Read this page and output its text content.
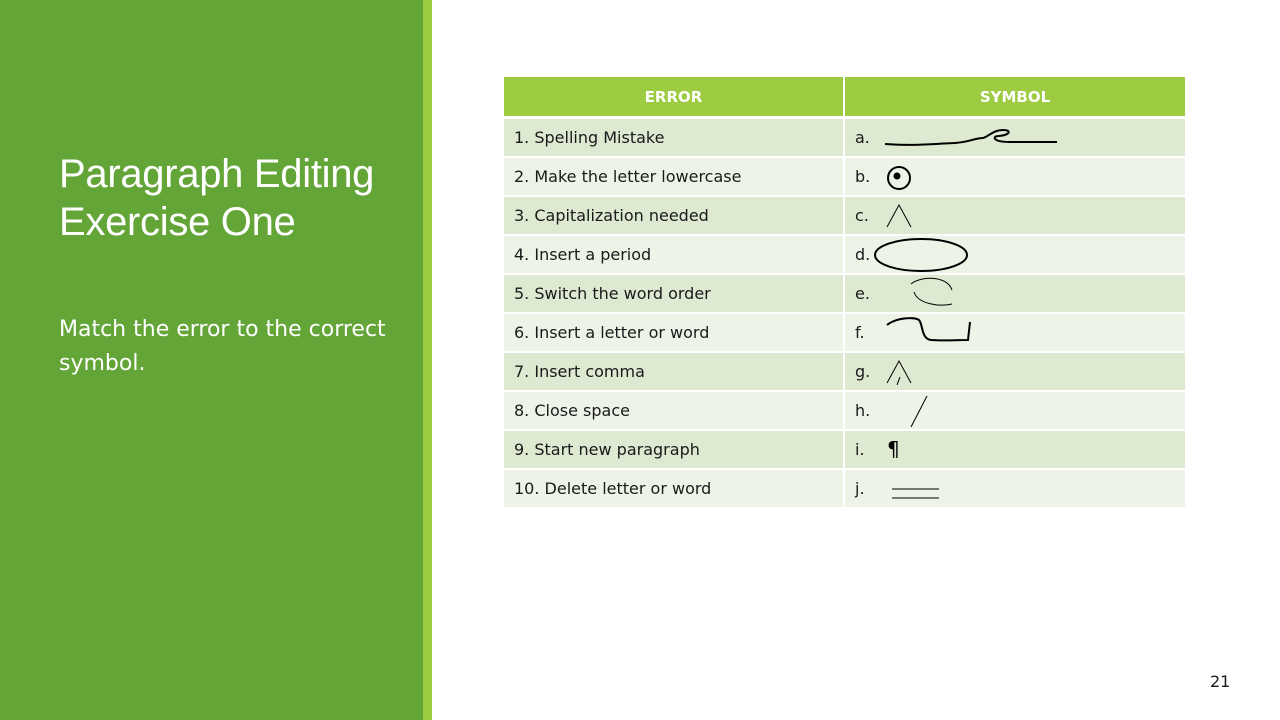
Paragraph Editing Exercise One

Match the error to the correct symbol.

ERROR	SYMBOL
1. Spelling Mistake	a.

2. Make the letter lowercase	b.

3. Capitalization needed	c.

4. Insert a period	d.

5. Switch the word order	e.

6. Insert a letter or word	f.

7. Insert comma	g.

8. Close space	h.

9. Start new paragraph	i. ¶

10. Delete letter or word	j.
21
